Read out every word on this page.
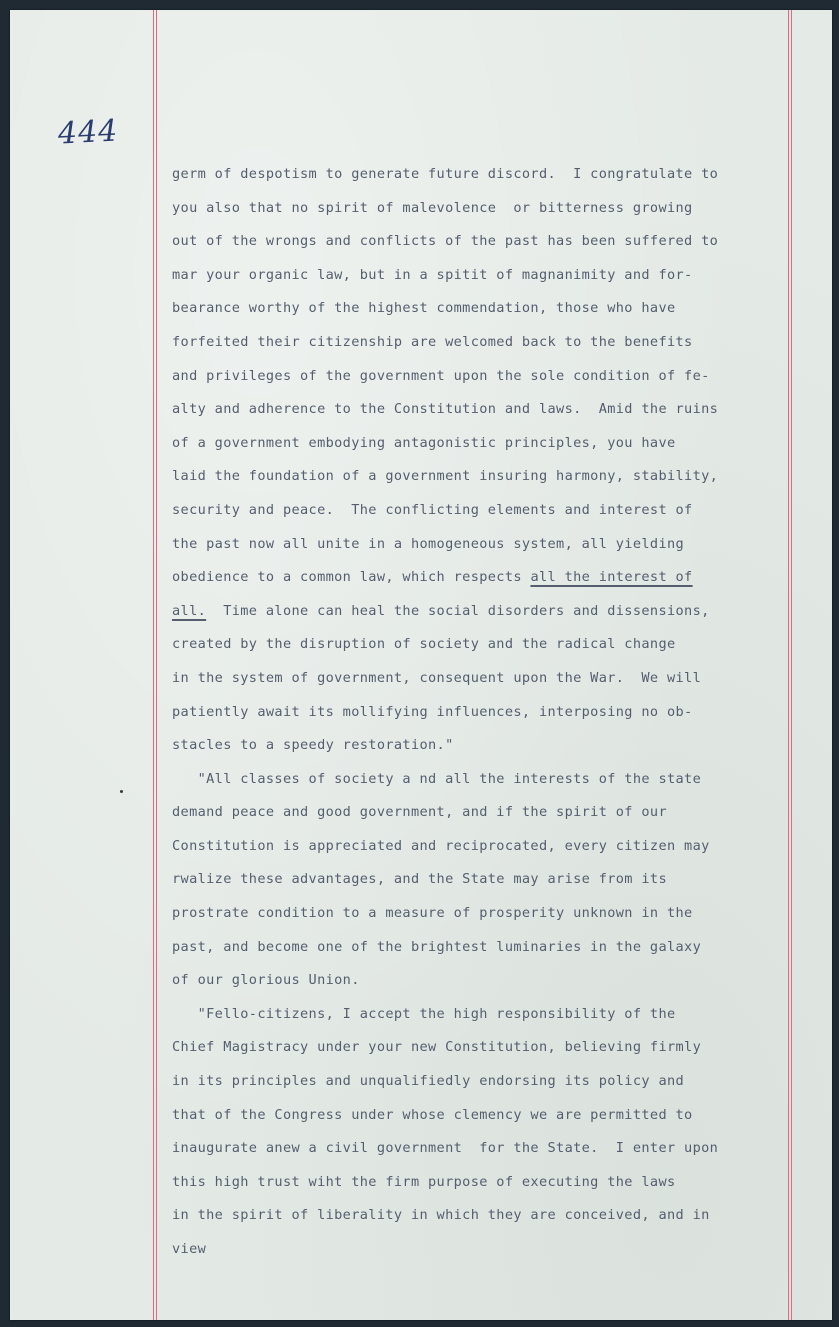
444
germ of despotism to generate future discord.  I congratulate to
you also that no spirit of malevolence  or bitterness growing
out of the wrongs and conflicts of the past has been suffered to
mar your organic law, but in a spitit of magnanimity and for-
bearance worthy of the highest commendation, those who have
forfeited their citizenship are welcomed back to the benefits
and privileges of the government upon the sole condition of fe-
alty and adherence to the Constitution and laws.  Amid the ruins
of a government embodying antagonistic principles, you have
laid the foundation of a government insuring harmony, stability,
security and peace.  The conflicting elements and interest of
the past now all unite in a homogeneous system, all yielding
obedience to a common law, which respects all the interest of
all.  Time alone can heal the social disorders and dissensions,
created by the disruption of society and the radical change
in the system of government, consequent upon the War.  We will
patiently await its mollifying influences, interposing no ob-
stacles to a speedy restoration."
"All classes of society a nd all the interests of the state
demand peace and good government, and if the spirit of our
Constitution is appreciated and reciprocated, every citizen may
rwalize these advantages, and the State may arise from its
prostrate condition to a measure of prosperity unknown in the
past, and become one of the brightest luminaries in the galaxy
of our glorious Union.
"Fello-citizens, I accept the high responsibility of the
Chief Magistracy under your new Constitution, believing firmly
in its principles and unqualifiedly endorsing its policy and
that of the Congress under whose clemency we are permitted to
inaugurate anew a civil government  for the State.  I enter upon
this high trust wiht the firm purpose of executing the laws
in the spirit of liberality in which they are conceived, and in
view
